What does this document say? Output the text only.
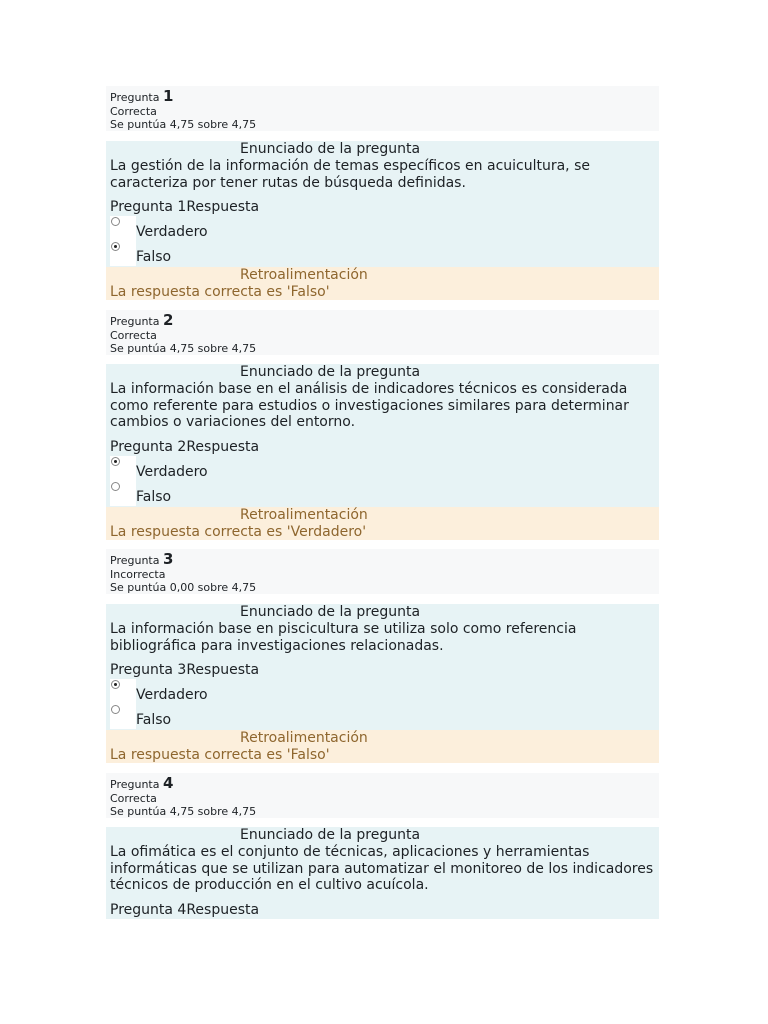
Pregunta 1
Correcta
Se puntúa 4,75 sobre 4,75
Enunciado de la pregunta
La gestión de la información de temas específicos en acuicultura, se caracteriza por tener rutas de búsqueda definidas.
Pregunta 1Respuesta
Verdadero
Falso
Retroalimentación
La respuesta correcta es 'Falso'
Pregunta 2
Correcta
Se puntúa 4,75 sobre 4,75
Enunciado de la pregunta
La información base en el análisis de indicadores técnicos es considerada como referente para estudios o investigaciones similares para determinar cambios o variaciones del entorno.
Pregunta 2Respuesta
Verdadero
Falso
Retroalimentación
La respuesta correcta es 'Verdadero'
Pregunta 3
Incorrecta
Se puntúa 0,00 sobre 4,75
Enunciado de la pregunta
La información base en piscicultura se utiliza solo como referencia bibliográfica para investigaciones relacionadas.
Pregunta 3Respuesta
Verdadero
Falso
Retroalimentación
La respuesta correcta es 'Falso'
Pregunta 4
Correcta
Se puntúa 4,75 sobre 4,75
Enunciado de la pregunta
La ofimática es el conjunto de técnicas, aplicaciones y herramientas informáticas que se utilizan para automatizar el monitoreo de los indicadores técnicos de producción en el cultivo acuícola.
Pregunta 4Respuesta
